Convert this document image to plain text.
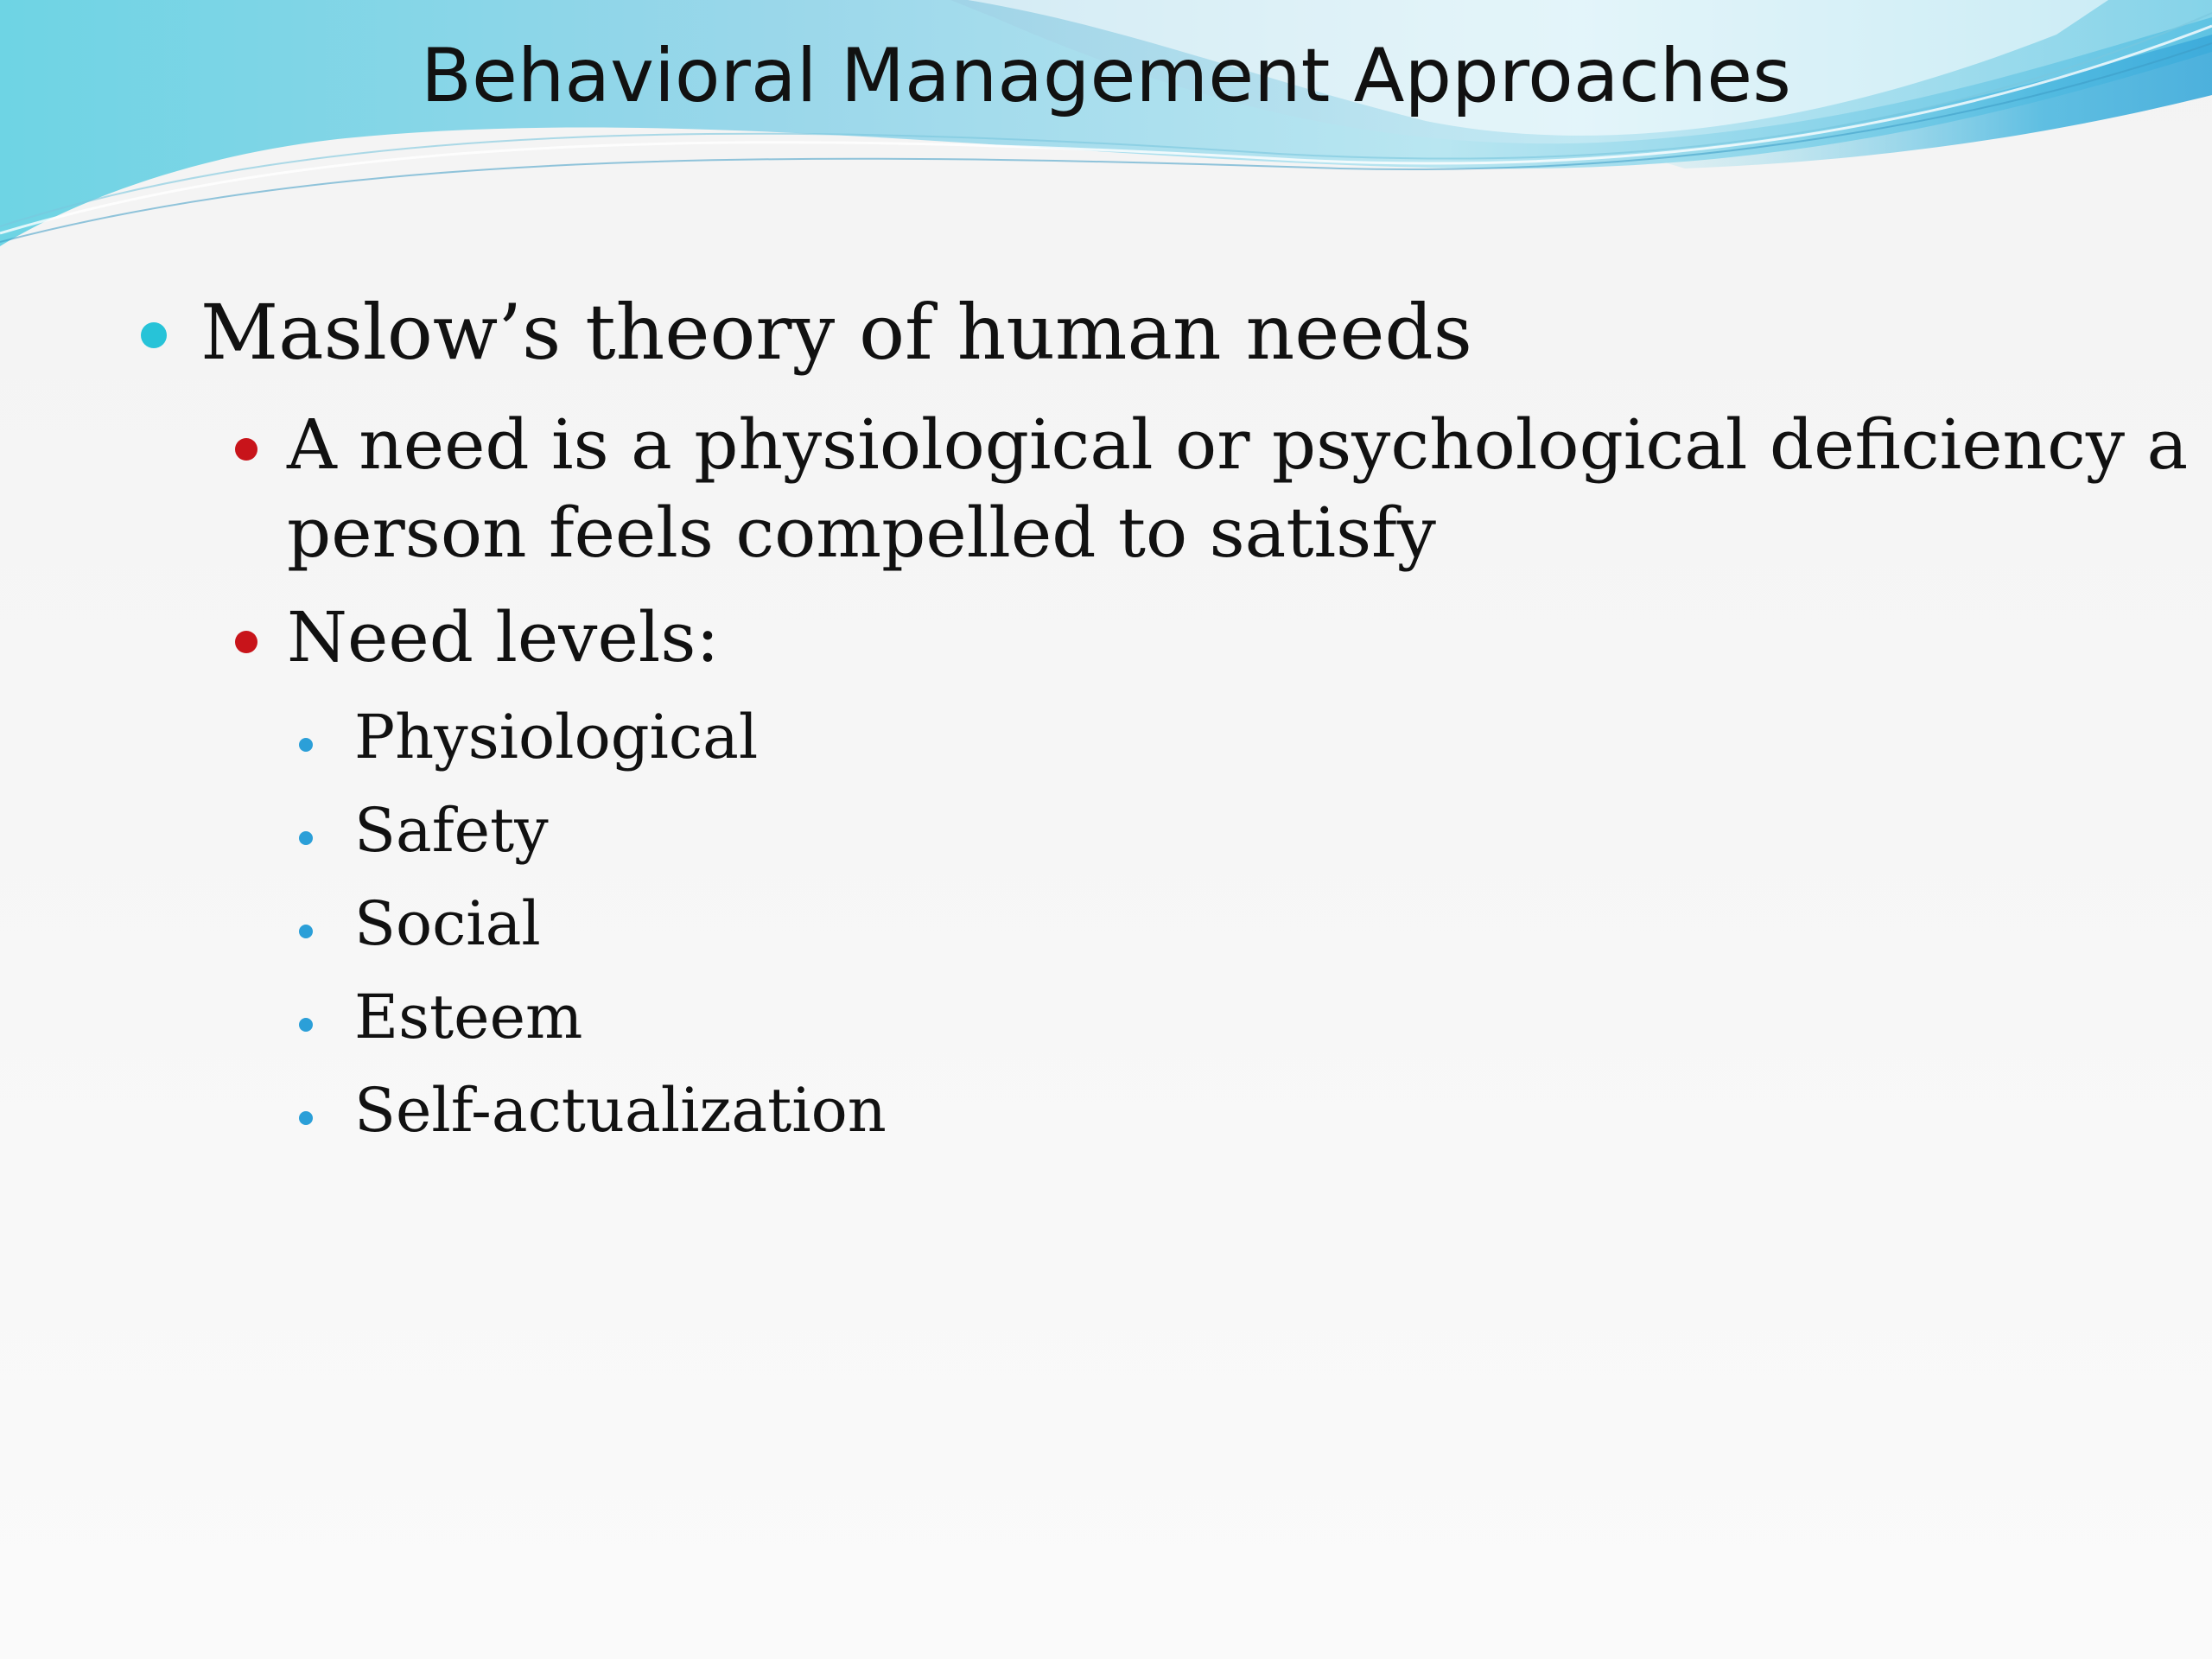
Behavioral Management Approaches
Maslow’s theory of human needs
A need is a physiological or psychological deficiency a
person feels compelled to satisfy
Need levels:
Physiological
Safety
Social
Esteem
Self-actualization
